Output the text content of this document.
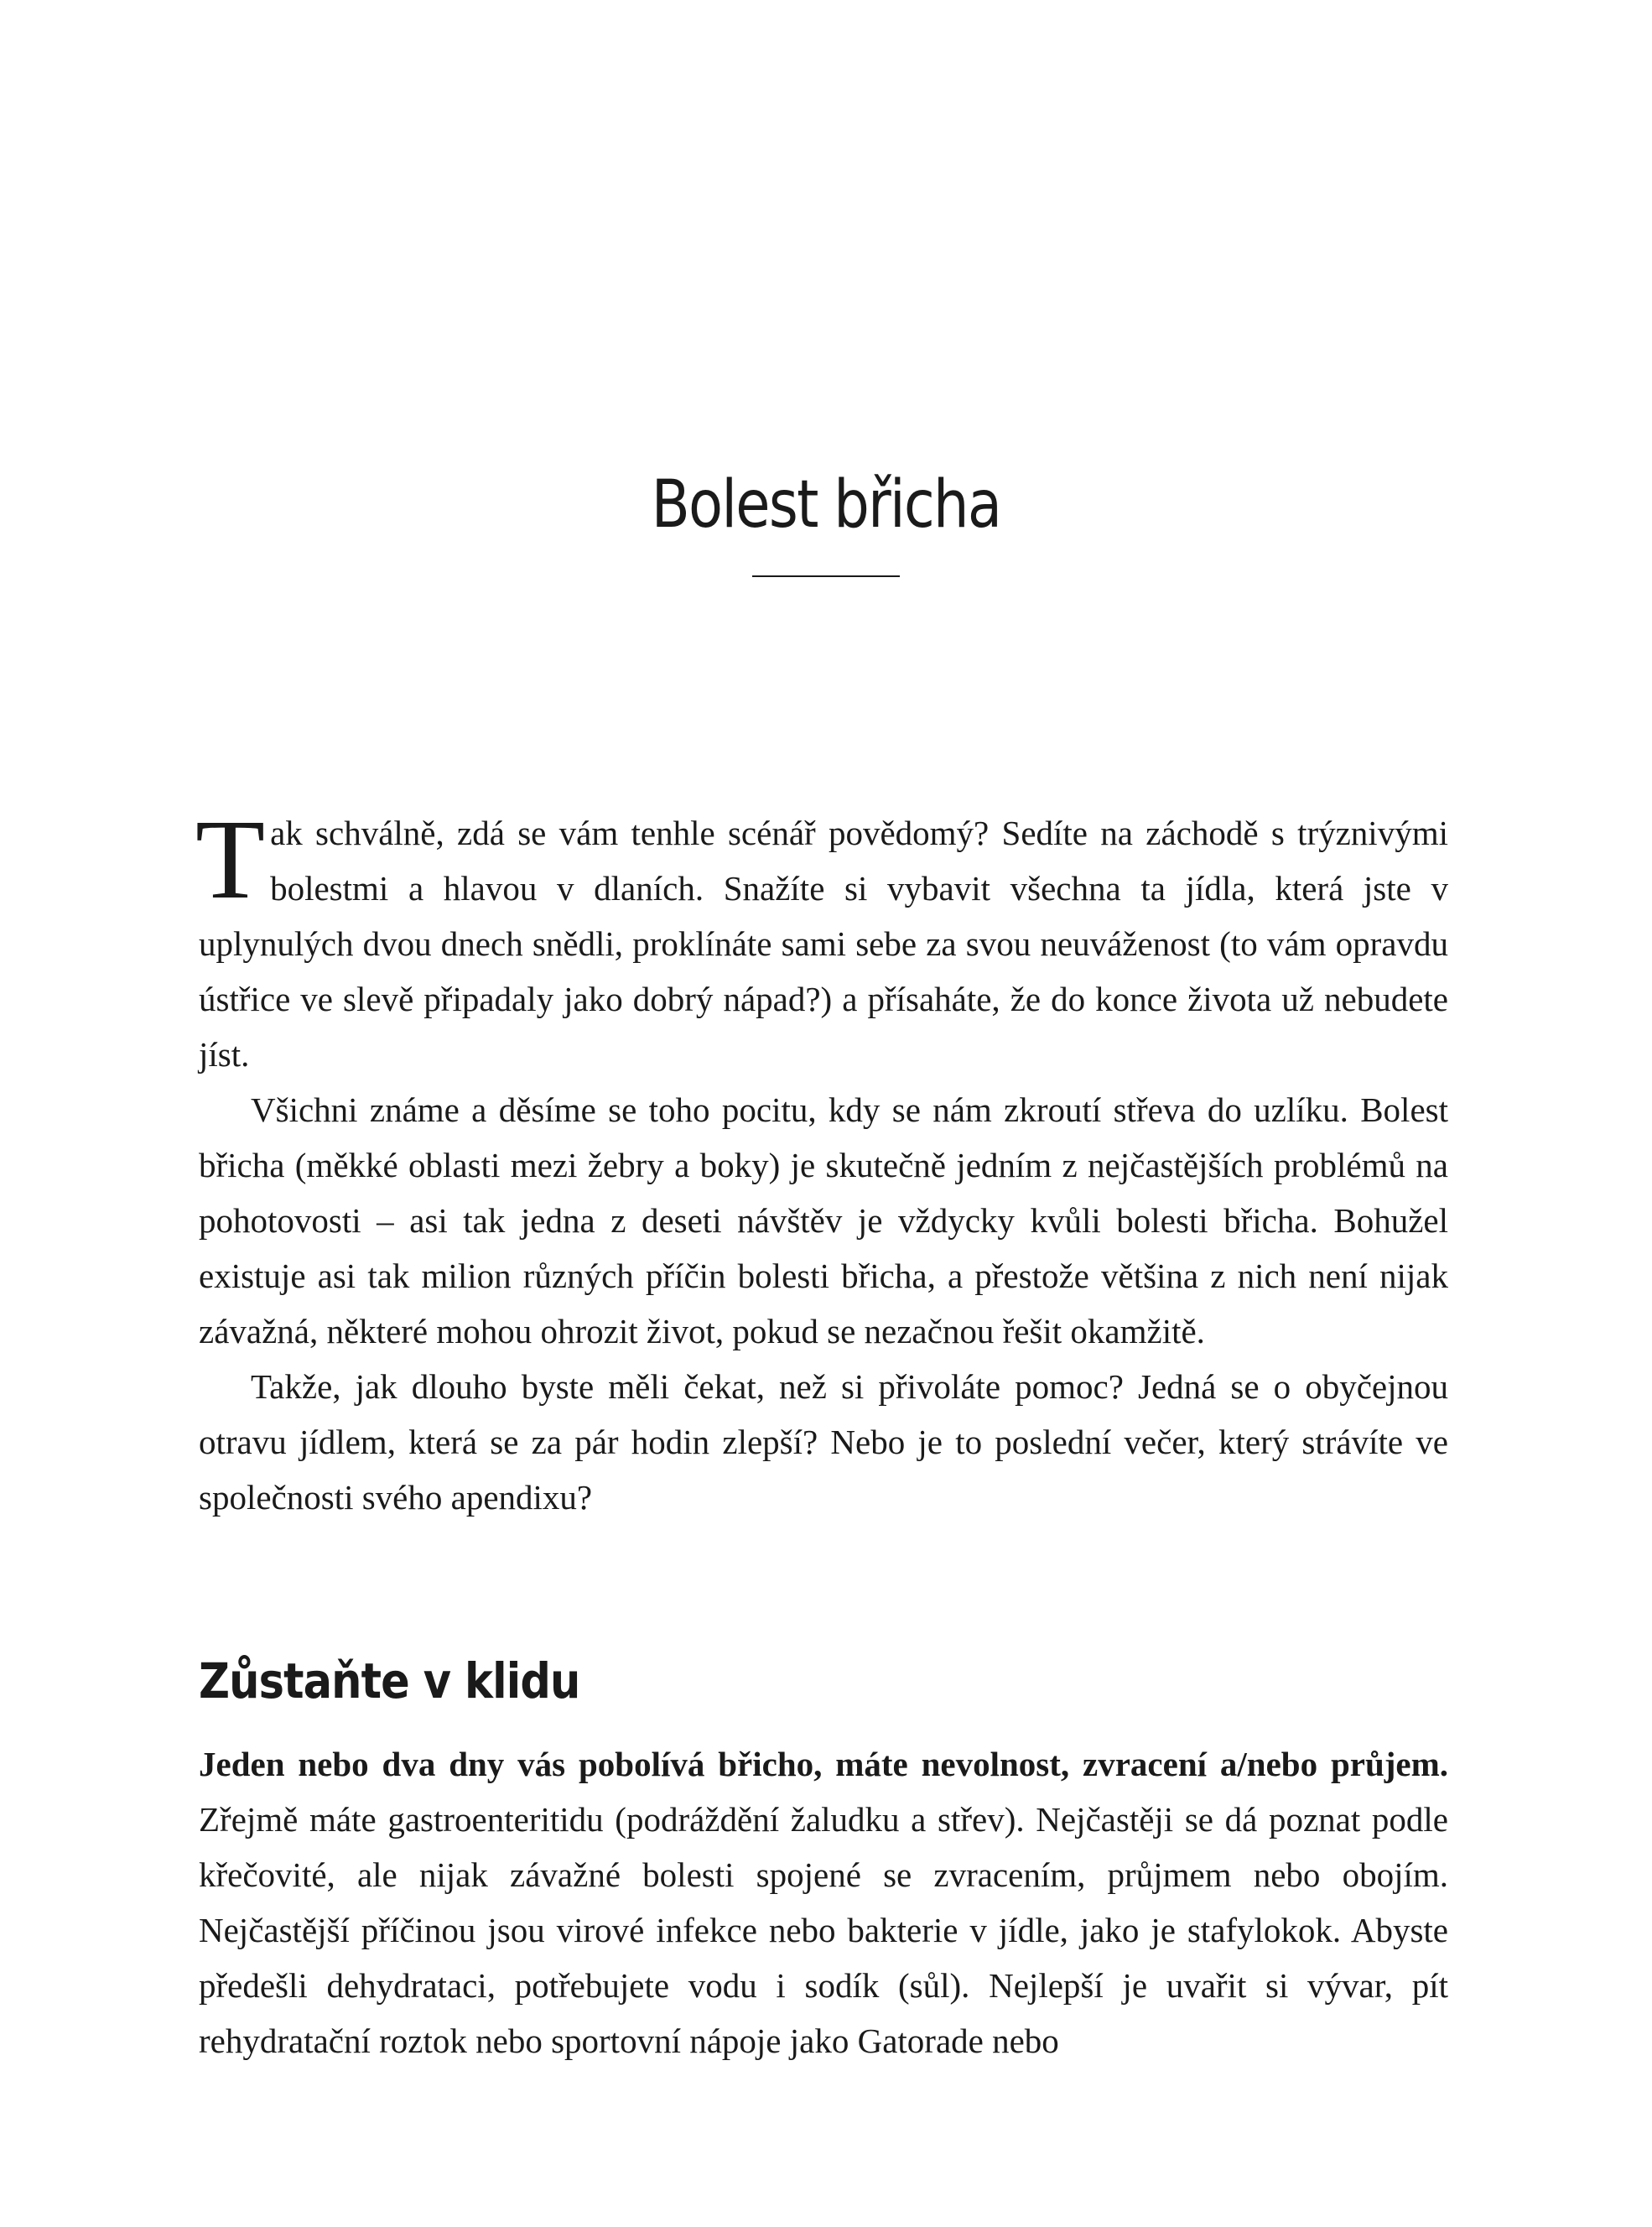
Bolest břicha

Tak schválně, zdá se vám tenhle scénář povědomý? Sedíte na záchodě s trýznivými bolestmi a hlavou v dlaních. Snažíte si vybavit všechna ta jídla, která jste v uplynulých dvou dnech snědli, proklínáte sami sebe za svou neuváženost (to vám opravdu ústřice ve slevě připadaly jako dobrý nápad?) a přísaháte, že do konce života už nebudete jíst.

Všichni známe a děsíme se toho pocitu, kdy se nám zkroutí střeva do uzlíku. Bolest břicha (měkké oblasti mezi žebry a boky) je skutečně jedním z nejčastějších problémů na pohotovosti – asi tak jedna z deseti návštěv je vždycky kvůli bolesti břicha. Bohužel existuje asi tak milion různých příčin bolesti břicha, a přestože většina z nich není nijak závažná, některé mohou ohrozit život, pokud se nezačnou řešit okamžitě.

Takže, jak dlouho byste měli čekat, než si přivoláte pomoc? Jedná se o obyčejnou otravu jídlem, která se za pár hodin zlepší? Nebo je to poslední večer, který strávíte ve společnosti svého apendixu?

Zůstaňte v klidu

Jeden nebo dva dny vás pobolívá břicho, máte nevolnost, zvracení a/nebo průjem. Zřejmě máte gastroenteritidu (podráždění žaludku a střev). Nejčastěji se dá poznat podle křečovité, ale nijak závažné bolesti spojené se zvracením, průjmem nebo obojím. Nejčastější příčinou jsou virové infekce nebo bakterie v jídle, jako je stafylokok. Abyste předešli dehydrataci, potřebujete vodu i sodík (sůl). Nejlepší je uvařit si vývar, pít rehydratační roztok nebo sportovní nápoje jako Gatorade nebo
